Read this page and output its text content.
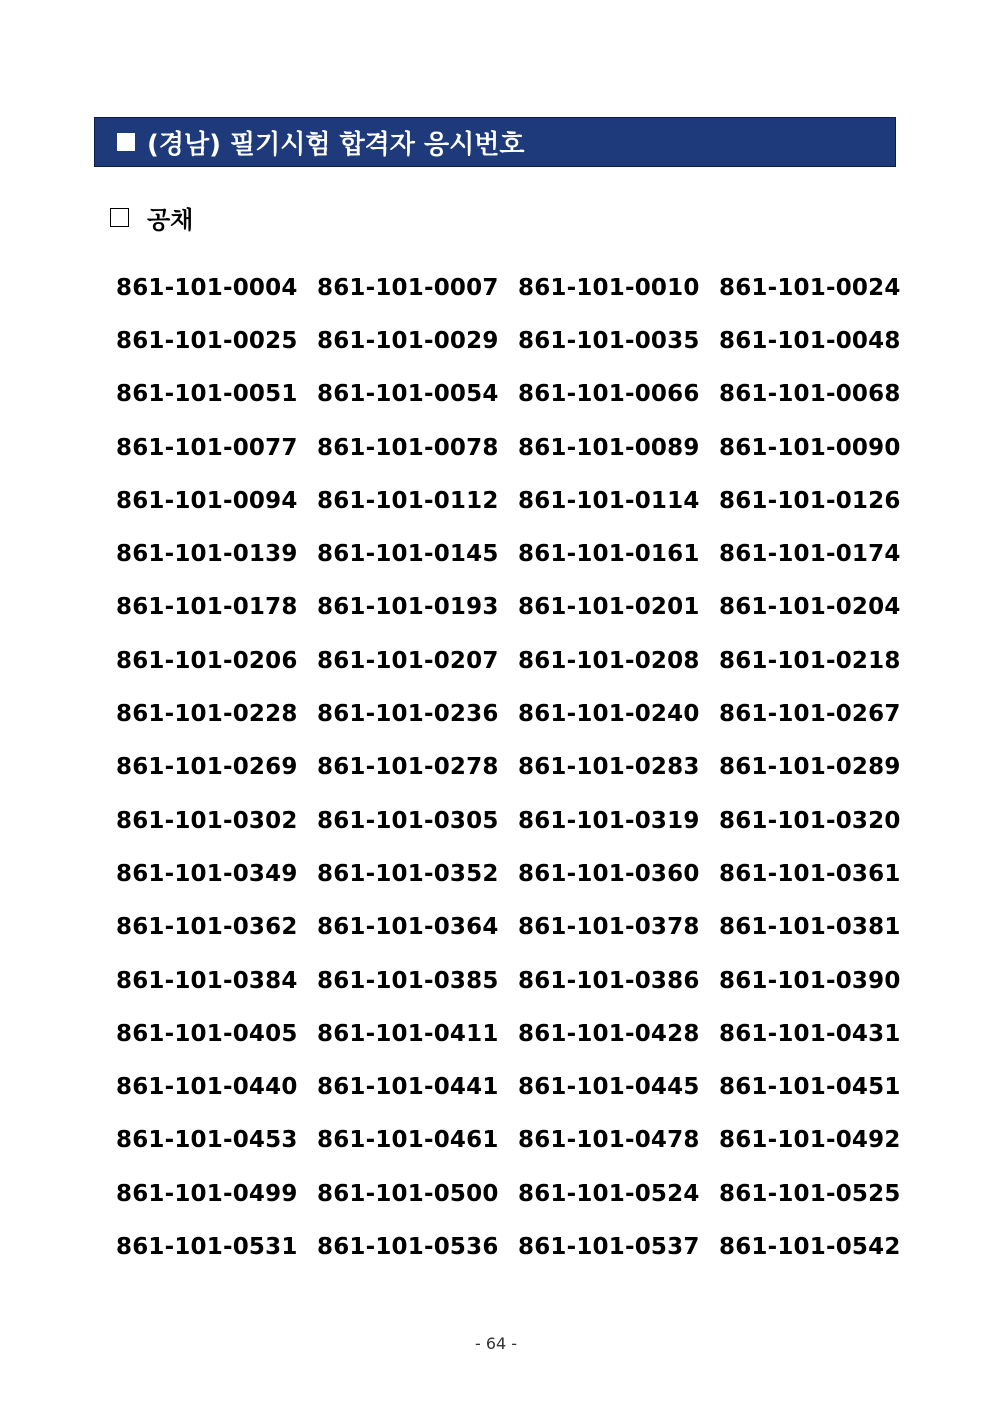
(경남) 필기시험 합격자 응시번호
공채
861-101-0004 861-101-0007 861-101-0010 861-101-0024
861-101-0025 861-101-0029 861-101-0035 861-101-0048
861-101-0051 861-101-0054 861-101-0066 861-101-0068
861-101-0077 861-101-0078 861-101-0089 861-101-0090
861-101-0094 861-101-0112 861-101-0114 861-101-0126
861-101-0139 861-101-0145 861-101-0161 861-101-0174
861-101-0178 861-101-0193 861-101-0201 861-101-0204
861-101-0206 861-101-0207 861-101-0208 861-101-0218
861-101-0228 861-101-0236 861-101-0240 861-101-0267
861-101-0269 861-101-0278 861-101-0283 861-101-0289
861-101-0302 861-101-0305 861-101-0319 861-101-0320
861-101-0349 861-101-0352 861-101-0360 861-101-0361
861-101-0362 861-101-0364 861-101-0378 861-101-0381
861-101-0384 861-101-0385 861-101-0386 861-101-0390
861-101-0405 861-101-0411 861-101-0428 861-101-0431
861-101-0440 861-101-0441 861-101-0445 861-101-0451
861-101-0453 861-101-0461 861-101-0478 861-101-0492
861-101-0499 861-101-0500 861-101-0524 861-101-0525
861-101-0531 861-101-0536 861-101-0537 861-101-0542
- 64 -
